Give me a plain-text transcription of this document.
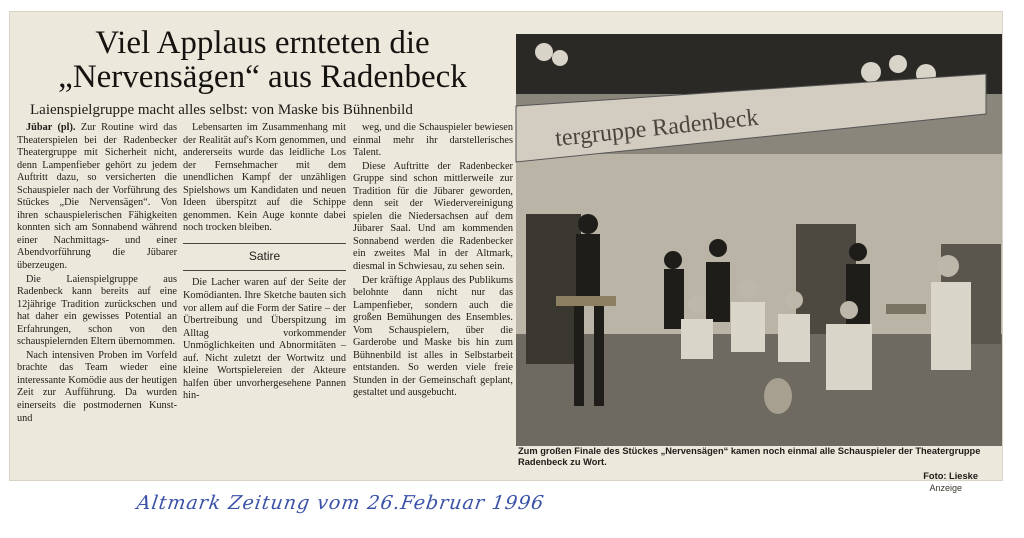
Viel Applaus ernteten die
„Nervensägen“ aus Radenbeck
Laienspielgruppe macht alles selbst: von Maske bis Bühnenbild

Jübar (pl). Zur Routine wird das Theaterspielen bei der Radenbecker Theatergruppe mit Sicherheit nicht, denn Lampenfieber gehört zu jedem Auftritt dazu, so versicherten die Schauspieler nach der Vorführung des Stückes „Die Nervensägen“. Von ihren schauspielerischen Fähigkeiten konnten sich am Sonnabend während einer Nachmittags- und einer Abendvorführung die Jübarer überzeugen.

Die Laienspielgruppe aus Radenbeck kann bereits auf eine 12jährige Tradition zurückschen und hat daher ein gewisses Potential an Erfahrungen, schon von den schauspielernden Eltern übernommen.

Nach intensiven Proben im Vorfeld brachte das Team wieder eine interessante Komödie aus der heutigen Zeit zur Aufführung. Da wurden einerseits die postmodernen Kunst- und

Lebensarten im Zusammenhang mit der Realität auf's Korn genommen, und andererseits wurde das leidliche Los der Fernsehmacher mit dem unendlichen Kampf der unzähligen Spielshows um Kandidaten und neuen Ideen überspitzt auf die Schippe genommen. Kein Auge konnte dabei noch trocken bleiben.

Satire

Die Lacher waren auf der Seite der Komödianten. Ihre Sketche bauten sich vor allem auf die Form der Satire – der Übertreibung und Überspitzung im Alltag vorkommender Unmöglichkeiten und Abnormitäten – auf. Nicht zuletzt der Wortwitz und kleine Wortspielereien der Akteure halfen über unvorhergesehene Pannen hin-

weg, und die Schauspieler bewiesen einmal mehr ihr darstellerisches Talent.

Diese Auftritte der Radenbecker Gruppe sind schon mittlerweile zur Tradition für die Jübarer geworden, denn seit der Wiedervereinigung spielen die Niedersachsen auf dem Jübarer Saal. Und am kommenden Sonnabend werden die Radenbecker ein zweites Mal in der Altmark, diesmal in Schwiesau, zu sehen sein.

Der kräftige Applaus des Publikums belohnte dann nicht nur das Lampenfieber, sondern auch die großen Bemühungen des Ensembles. Vom Schauspielern, über die Garderobe und Maske bis hin zum Bühnenbild ist alles in Selbstarbeit entstanden. So werden viele freie Stunden in der Gemeinschaft geplant, gestaltet und ausgebucht.

tergruppe Radenbeck
Zum großen Finale des Stückes „Nervensägen“ kamen noch einmal alle Schauspieler der Theatergruppe Radenbeck zu Wort.
Foto: Lieske
Anzeige
Altmark Zeitung vom 26.Februar 1996
